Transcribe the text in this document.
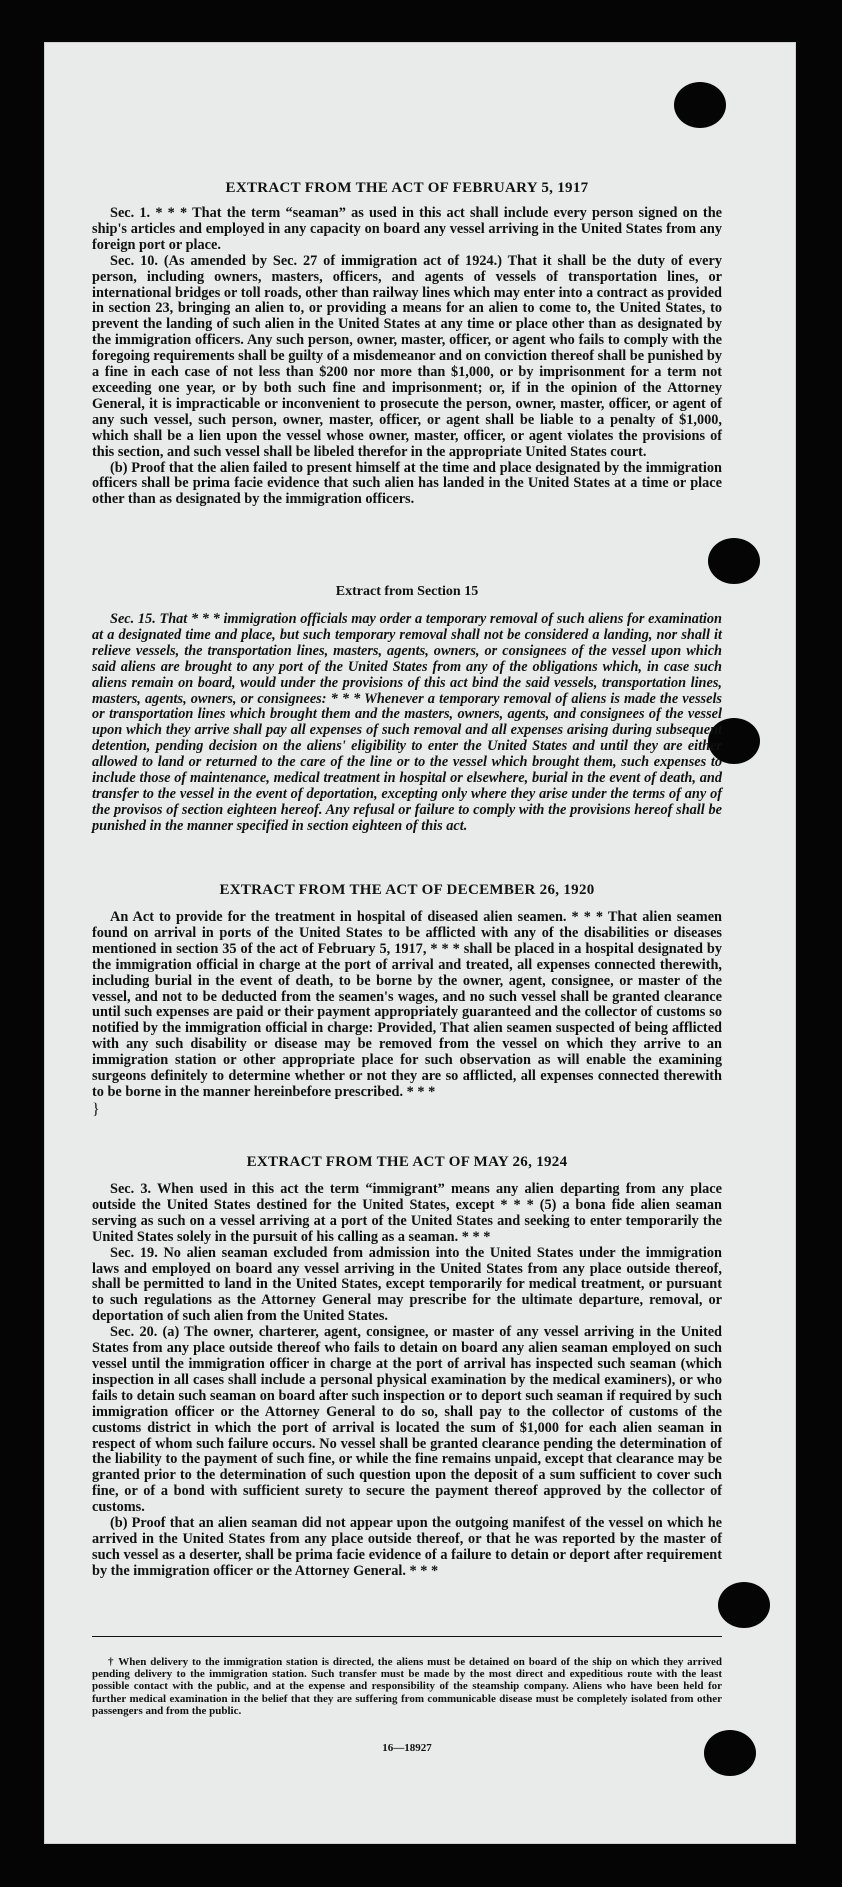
EXTRACT FROM THE ACT OF FEBRUARY 5, 1917

Sec. 1. * * * That the term “seaman” as used in this act shall include every person signed on the ship's articles and employed in any capacity on board any vessel arriving in the United States from any foreign port or place.

Sec. 10. (As amended by Sec. 27 of immigration act of 1924.) That it shall be the duty of every person, including owners, masters, officers, and agents of vessels of transportation lines, or international bridges or toll roads, other than railway lines which may enter into a contract as provided in section 23, bringing an alien to, or providing a means for an alien to come to, the United States, to prevent the landing of such alien in the United States at any time or place other than as designated by the immigration officers. Any such person, owner, master, officer, or agent who fails to comply with the foregoing requirements shall be guilty of a misdemeanor and on conviction thereof shall be punished by a fine in each case of not less than $200 nor more than $1,000, or by imprisonment for a term not exceeding one year, or by both such fine and imprisonment; or, if in the opinion of the Attorney General, it is impracticable or inconvenient to prosecute the person, owner, master, officer, or agent of any such vessel, such person, owner, master, officer, or agent shall be liable to a penalty of $1,000, which shall be a lien upon the vessel whose owner, master, officer, or agent violates the provisions of this section, and such vessel shall be libeled therefor in the appropriate United States court.

(b) Proof that the alien failed to present himself at the time and place designated by the immigration officers shall be prima facie evidence that such alien has landed in the United States at a time or place other than as designated by the immigration officers.

Extract from Section 15

Sec. 15. That * * * immigration officials may order a temporary removal of such aliens for examination at a designated time and place, but such temporary removal shall not be considered a landing, nor shall it relieve vessels, the transportation lines, masters, agents, owners, or consignees of the vessel upon which said aliens are brought to any port of the United States from any of the obligations which, in case such aliens remain on board, would under the provisions of this act bind the said vessels, transportation lines, masters, agents, owners, or consignees: * * * Whenever a temporary removal of aliens is made the vessels or transportation lines which brought them and the masters, owners, agents, and consignees of the vessel upon which they arrive shall pay all expenses of such removal and all expenses arising during subsequent detention, pending decision on the aliens' eligibility to enter the United States and until they are either allowed to land or returned to the care of the line or to the vessel which brought them, such expenses to include those of maintenance, medical treatment in hospital or elsewhere, burial in the event of death, and transfer to the vessel in the event of deportation, excepting only where they arise under the terms of any of the provisos of section eighteen hereof. Any refusal or failure to comply with the provisions hereof shall be punished in the manner specified in section eighteen of this act.

EXTRACT FROM THE ACT OF DECEMBER 26, 1920

An Act to provide for the treatment in hospital of diseased alien seamen. * * * That alien seamen found on arrival in ports of the United States to be afflicted with any of the disabilities or diseases mentioned in section 35 of the act of February 5, 1917, * * * shall be placed in a hospital designated by the immigration official in charge at the port of arrival and treated, all expenses connected therewith, including burial in the event of death, to be borne by the owner, agent, consignee, or master of the vessel, and not to be deducted from the seamen's wages, and no such vessel shall be granted clearance until such expenses are paid or their payment appropriately guaranteed and the collector of customs so notified by the immigration official in charge: Provided, That alien seamen suspected of being afflicted with any such disability or disease may be removed from the vessel on which they arrive to an immigration station or other appropriate place for such observation as will enable the examining surgeons definitely to determine whether or not they are so afflicted, all expenses connected therewith to be borne in the manner hereinbefore prescribed. * * *

}
EXTRACT FROM THE ACT OF MAY 26, 1924

Sec. 3. When used in this act the term “immigrant” means any alien departing from any place outside the United States destined for the United States, except * * * (5) a bona fide alien seaman serving as such on a vessel arriving at a port of the United States and seeking to enter temporarily the United States solely in the pursuit of his calling as a seaman. * * *

Sec. 19. No alien seaman excluded from admission into the United States under the immigration laws and employed on board any vessel arriving in the United States from any place outside thereof, shall be permitted to land in the United States, except temporarily for medical treatment, or pursuant to such regulations as the Attorney General may prescribe for the ultimate departure, removal, or deportation of such alien from the United States.

Sec. 20. (a) The owner, charterer, agent, consignee, or master of any vessel arriving in the United States from any place outside thereof who fails to detain on board any alien seaman employed on such vessel until the immigration officer in charge at the port of arrival has inspected such seaman (which inspection in all cases shall include a personal physical examination by the medical examiners), or who fails to detain such seaman on board after such inspection or to deport such seaman if required by such immigration officer or the Attorney General to do so, shall pay to the collector of customs of the customs district in which the port of arrival is located the sum of $1,000 for each alien seaman in respect of whom such failure occurs. No vessel shall be granted clearance pending the determination of the liability to the payment of such fine, or while the fine remains unpaid, except that clearance may be granted prior to the determination of such question upon the deposit of a sum sufficient to cover such fine, or of a bond with sufficient surety to secure the payment thereof approved by the collector of customs.

(b) Proof that an alien seaman did not appear upon the outgoing manifest of the vessel on which he arrived in the United States from any place outside thereof, or that he was reported by the master of such vessel as a deserter, shall be prima facie evidence of a failure to detain or deport after requirement by the immigration officer or the Attorney General. * * *

† When delivery to the immigration station is directed, the aliens must be detained on board of the ship on which they arrived pending delivery to the immigration station. Such transfer must be made by the most direct and expeditious route with the least possible contact with the public, and at the expense and responsibility of the steamship company. Aliens who have been held for further medical examination in the belief that they are suffering from communicable disease must be completely isolated from other passengers and from the public.

16—18927
